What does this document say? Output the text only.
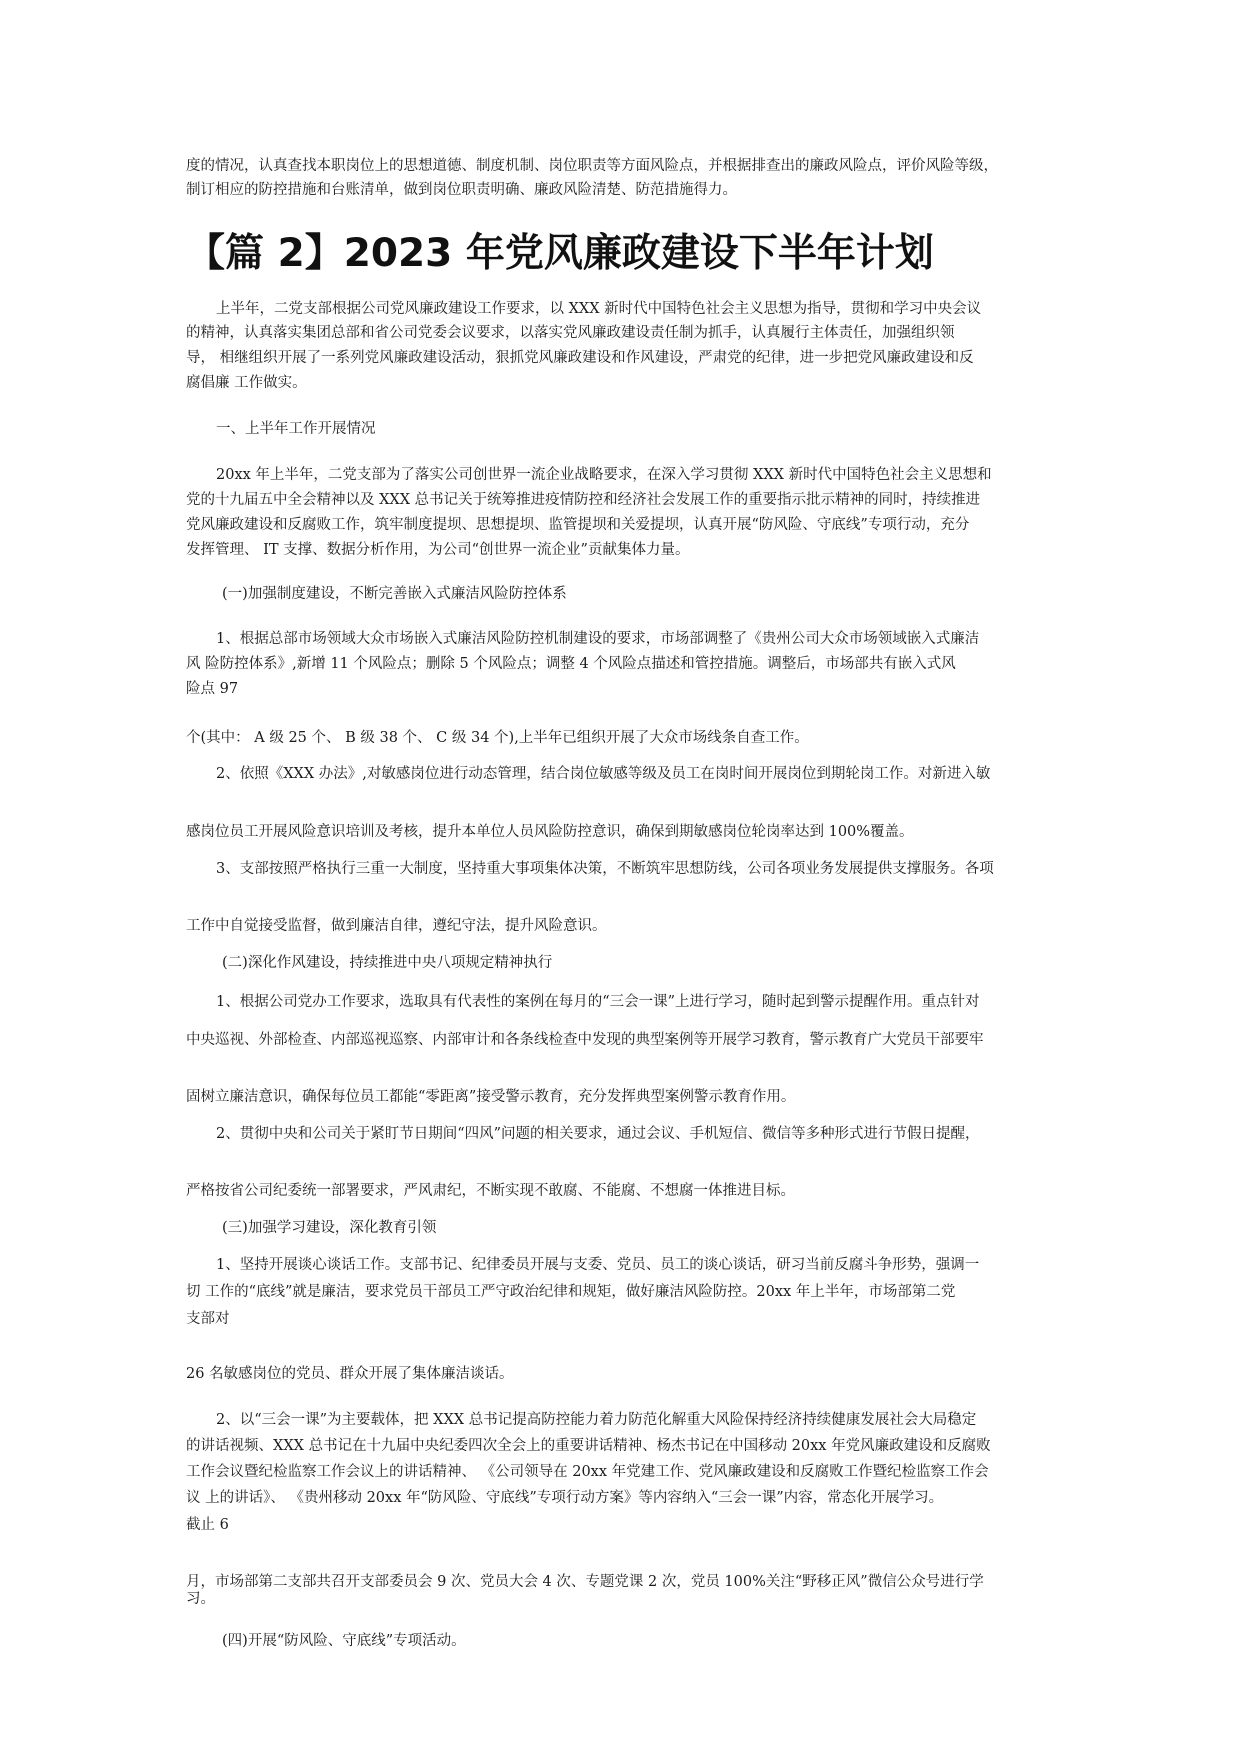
度的情况，认真查找本职岗位上的思想道德、制度机制、岗位职责等方面风险点，并根据排查出的廉政风险点，评价风险等级，
制订相应的防控措施和台账清单，做到岗位职责明确、廉政风险清楚、防范措施得力。
【篇 2】2023 年党风廉政建设下半年计划
上半年，二党支部根据公司党风廉政建设工作要求，以 XXX 新时代中国特色社会主义思想为指导，贯彻和学习中央会议
的精神，认真落实集团总部和省公司党委会议要求，以落实党风廉政建设责任制为抓手，认真履行主体责任，加强组织领
导， 相继组织开展了一系列党风廉政建设活动，狠抓党风廉政建设和作风建设，严肃党的纪律，进一步把党风廉政建设和反
腐倡廉 工作做实。
一、上半年工作开展情况
20xx 年上半年，二党支部为了落实公司创世界一流企业战略要求，在深入学习贯彻 XXX 新时代中国特色社会主义思想和
党的十九届五中全会精神以及 XXX 总书记关于统筹推进疫情防控和经济社会发展工作的重要指示批示精神的同时，持续推进
党风廉政建设和反腐败工作，筑牢制度提坝、思想提坝、监管提坝和关爱提坝，认真开展“防风险、守底线”专项行动，充分
发挥管理、 IT 支撑、数据分析作用，为公司“创世界一流企业”贡献集体力量。
(一)加强制度建设，不断完善嵌入式廉洁风险防控体系
1、根据总部市场领域大众市场嵌入式廉洁风险防控机制建设的要求，市场部调整了《贵州公司大众市场领域嵌入式廉洁
风 险防控体系》,新增 11 个风险点；删除 5 个风险点；调整 4 个风险点描述和管控措施。调整后，市场部共有嵌入式风
险点 97
个(其中： A 级 25 个、 B 级 38 个、 C 级 34 个),上半年已组织开展了大众市场线条自查工作。
2、依照《XXX 办法》,对敏感岗位进行动态管理，结合岗位敏感等级及员工在岗时间开展岗位到期轮岗工作。对新进入敏
感岗位员工开展风险意识培训及考核，提升本单位人员风险防控意识，确保到期敏感岗位轮岗率达到 100%覆盖。
3、支部按照严格执行三重一大制度，坚持重大事项集体决策，不断筑牢思想防线，公司各项业务发展提供支撑服务。各项
工作中自觉接受监督，做到廉洁自律，遵纪守法，提升风险意识。
(二)深化作风建设，持续推进中央八项规定精神执行
1、根据公司党办工作要求，选取具有代表性的案例在每月的“三会一课”上进行学习，随时起到警示提醒作用。重点针对
中央巡视、外部检查、内部巡视巡察、内部审计和各条线检查中发现的典型案例等开展学习教育，警示教育广大党员干部要牢
固树立廉洁意识，确保每位员工都能“零距离”接受警示教育，充分发挥典型案例警示教育作用。
2、贯彻中央和公司关于紧盯节日期间“四风”问题的相关要求，通过会议、手机短信、微信等多种形式进行节假日提醒，
严格按省公司纪委统一部署要求，严风肃纪，不断实现不敢腐、不能腐、不想腐一体推进目标。
(三)加强学习建设，深化教育引领
1、坚持开展谈心谈话工作。支部书记、纪律委员开展与支委、党员、员工的谈心谈话，研习当前反腐斗争形势，强调一
切 工作的“底线”就是廉洁，要求党员干部员工严守政治纪律和规矩，做好廉洁风险防控。20xx 年上半年，市场部第二党
支部对
26 名敏感岗位的党员、群众开展了集体廉洁谈话。
2、以“三会一课”为主要载体，把 XXX 总书记提高防控能力着力防范化解重大风险保持经济持续健康发展社会大局稳定
的讲话视频、XXX 总书记在十九届中央纪委四次全会上的重要讲话精神、杨杰书记在中国移动 20xx 年党风廉政建设和反腐败
工作会议暨纪检监察工作会议上的讲话精神、 《公司领导在 20xx 年党建工作、党风廉政建设和反腐败工作暨纪检监察工作会
议 上的讲话》、 《贵州移动 20xx 年“防风险、守底线”专项行动方案》等内容纳入“三会一课”内容，常态化开展学习。
截止 6
月，市场部第二支部共召开支部委员会 9 次、党员大会 4 次、专题党课 2 次，党员 100%关注“野移正风”微信公众号进行学
习。
(四)开展“防风险、守底线”专项活动。
